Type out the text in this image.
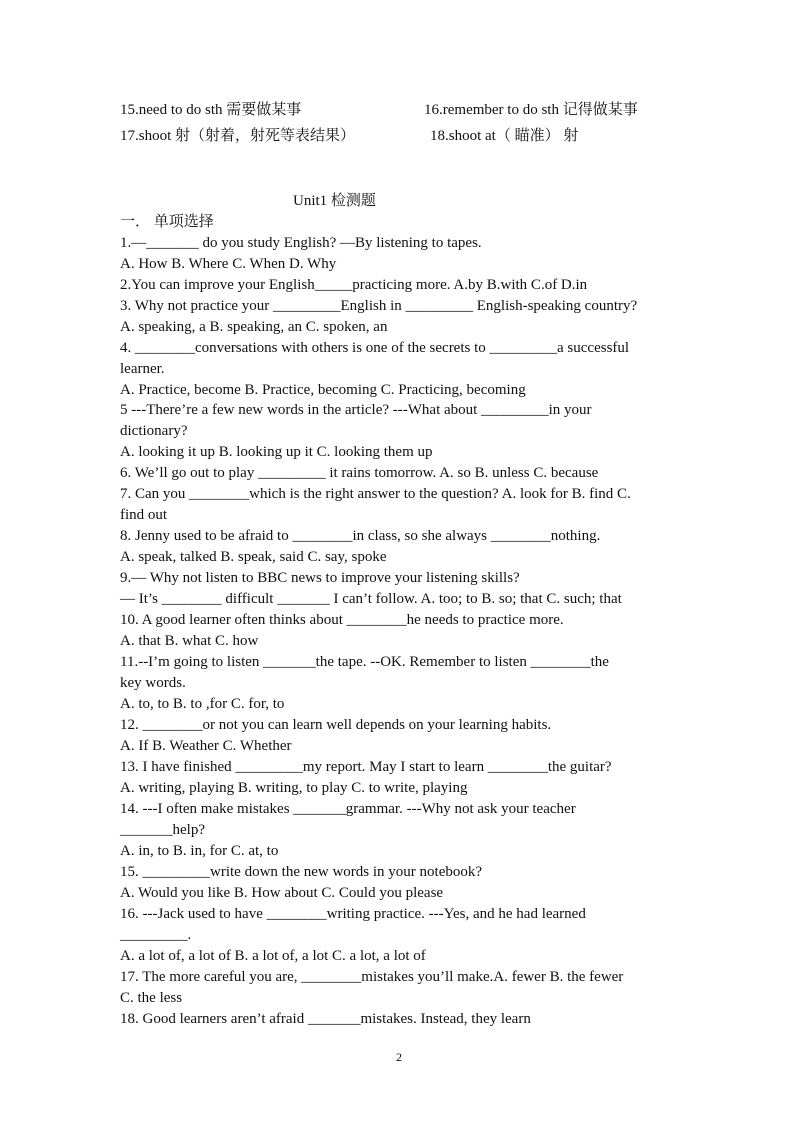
15.need to do sth 需要做某事	16.remember to do sth 记得做某事
17.shoot 射（射着，射死等表结果）	18.shoot at（ 瞄准） 射
Unit1 检测题
一． 单项选择
1.—_______ do you study English? —By listening to tapes.
A. How B. Where C. When D. Why
2.You can improve your English_____practicing more. A.by B.with C.of D.in
3. Why not practice your _________English in _________ English-speaking country?
A. speaking, a B. speaking, an C. spoken, an
4. ________conversations with others is one of the secrets to _________a successful
learner.
A. Practice, become B. Practice, becoming C. Practicing, becoming
5 ---There’re a few new words in the article? ---What about _________in your
dictionary?
A. looking it up B. looking up it C. looking them up
6. We’ll go out to play _________ it rains tomorrow. A. so B. unless C. because
7. Can you ________which is the right answer to the question? A. look for B. find C.
find out
8. Jenny used to be afraid to ________in class, so she always ________nothing.
A. speak, talked B. speak, said C. say, spoke
9.— Why not listen to BBC news to improve your listening skills?
— It’s ________ difficult _______ I can’t follow. A. too; to B. so; that C. such; that
10. A good learner often thinks about ________he needs to practice more.
A. that B. what C. how
11.--I’m going to listen _______the tape. --OK. Remember to listen ________the
key words.
A. to, to B. to ,for C. for, to
12. ________or not you can learn well depends on your learning habits.
A. If B. Weather C. Whether
13. I have finished _________my report. May I start to learn ________the guitar?
A. writing, playing B. writing, to play C. to write, playing
14. ---I often make mistakes _______grammar. ---Why not ask your teacher
_______help?
A. in, to B. in, for C. at, to
15. _________write down the new words in your notebook?
A. Would you like B. How about C. Could you please
16. ---Jack used to have ________writing practice. ---Yes, and he had learned
_________.
A. a lot of, a lot of B. a lot of, a lot C. a lot, a lot of
17. The more careful you are, ________mistakes you’ll make.A. fewer B. the fewer
C. the less
18. Good learners aren’t afraid _______mistakes. Instead, they learn
2
